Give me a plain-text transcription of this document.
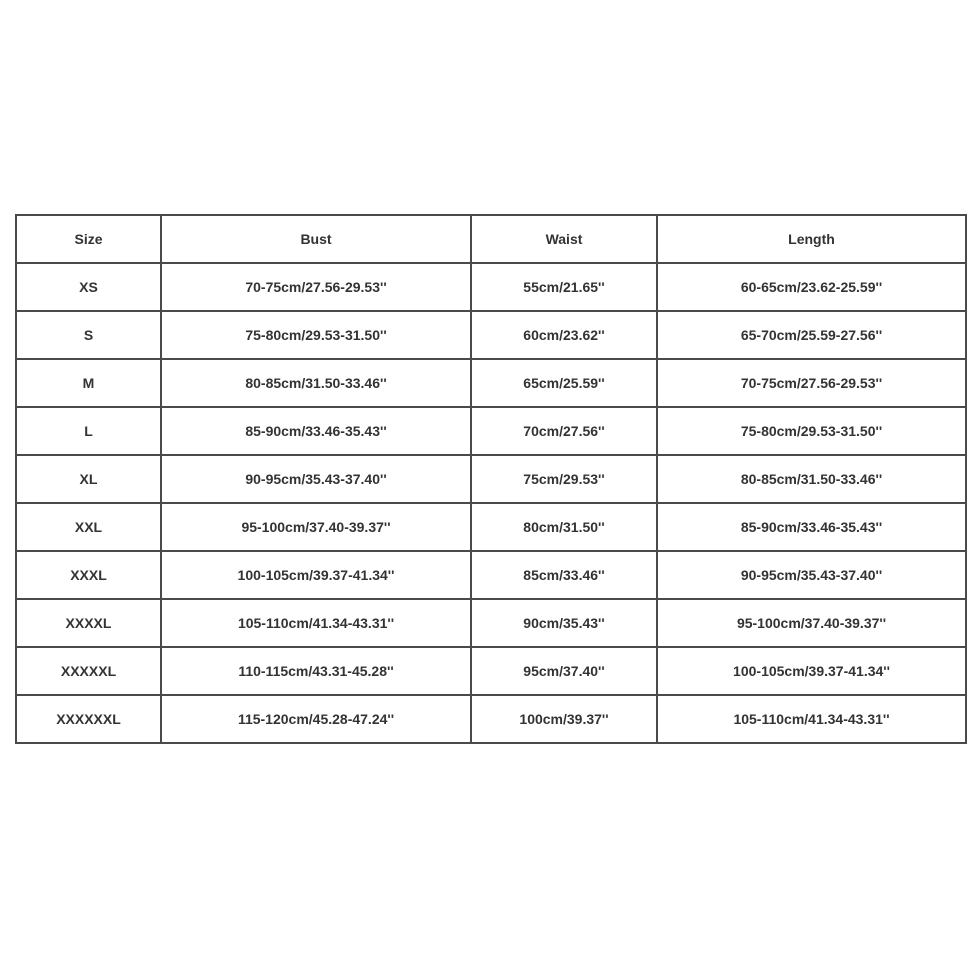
Size	Bust	Waist	Length
XS	70-75cm/27.56-29.53''	55cm/21.65''	60-65cm/23.62-25.59''
S	75-80cm/29.53-31.50''	60cm/23.62''	65-70cm/25.59-27.56''
M	80-85cm/31.50-33.46''	65cm/25.59''	70-75cm/27.56-29.53''
L	85-90cm/33.46-35.43''	70cm/27.56''	75-80cm/29.53-31.50''
XL	90-95cm/35.43-37.40''	75cm/29.53''	80-85cm/31.50-33.46''
XXL	95-100cm/37.40-39.37''	80cm/31.50''	85-90cm/33.46-35.43''
XXXL	100-105cm/39.37-41.34''	85cm/33.46''	90-95cm/35.43-37.40''
XXXXL	105-110cm/41.34-43.31''	90cm/35.43''	95-100cm/37.40-39.37''
XXXXXL	110-115cm/43.31-45.28''	95cm/37.40''	100-105cm/39.37-41.34''
XXXXXXL	115-120cm/45.28-47.24''	100cm/39.37''	105-110cm/41.34-43.31''
